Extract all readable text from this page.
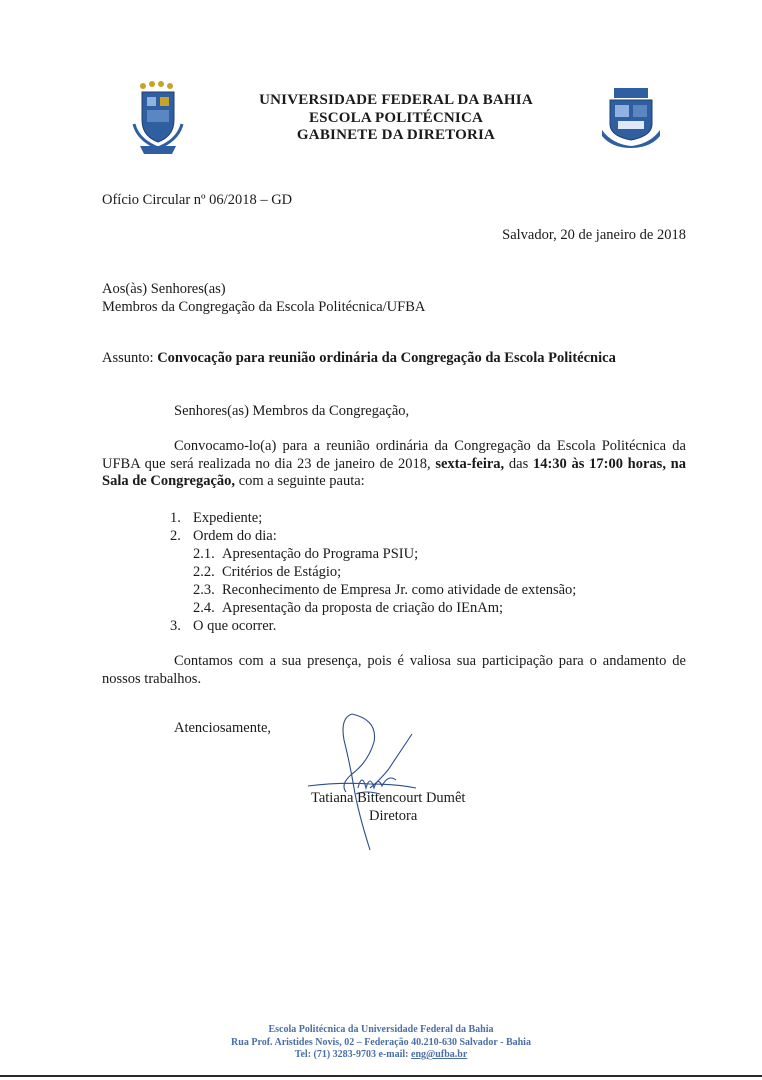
UNIVERSIDADE FEDERAL DA BAHIA
ESCOLA POLITÉCNICA
GABINETE DA DIRETORIA
Ofício Circular nº 06/2018 – GD
Salvador, 20 de janeiro de 2018
Aos(às) Senhores(as)
Membros da Congregação da Escola Politécnica/UFBA
Assunto: Convocação para reunião ordinária da Congregação da Escola Politécnica
Senhores(as) Membros da Congregação,
Convocamo-lo(a) para a reunião ordinária da Congregação da Escola Politécnica da UFBA que será realizada no dia 23 de janeiro de 2018, sexta-feira, das 14:30 às 17:00 horas, na Sala de Congregação, com a seguinte pauta:
1. Expediente;
2. Ordem do dia:
2.1. Apresentação do Programa PSIU;
2.2. Critérios de Estágio;
2.3. Reconhecimento de Empresa Jr. como atividade de extensão;
2.4. Apresentação da proposta de criação do IEnAm;
3. O que ocorrer.
Contamos com a sua presença, pois é valiosa sua participação para o andamento de nossos trabalhos.
Atenciosamente,
Tatiana Bittencourt Dumêt
Diretora
Escola Politécnica da Universidade Federal da Bahia
Rua Prof. Aristides Novis, 02 – Federação 40.210-630 Salvador - Bahia
Tel: (71) 3283-9703 e-mail: eng@ufba.br
